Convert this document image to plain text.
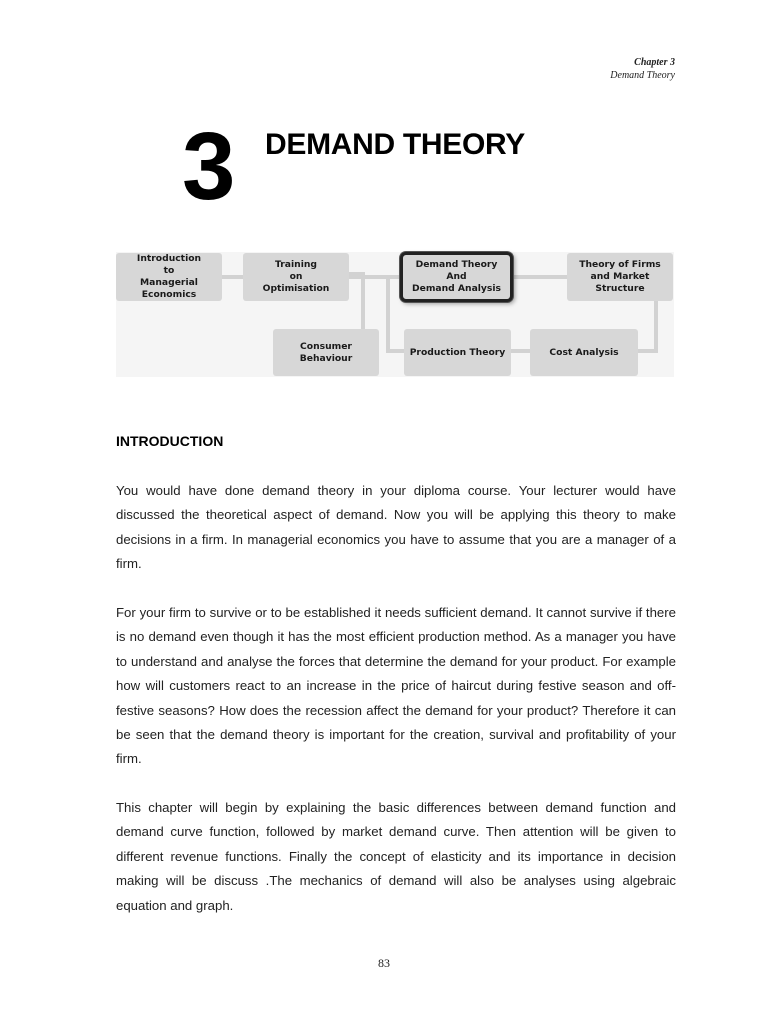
Chapter 3
Demand Theory
3 DEMAND THEORY
Introduction
to
Managerial Economics
Training
on
Optimisation
Demand Theory
And
Demand Analysis
Theory of Firms
and Market Structure
Consumer Behaviour
Production Theory	Cost Analysis
INTRODUCTION

You would have done demand theory in your diploma course. Your lecturer would have discussed the theoretical aspect of demand. Now you will be applying this theory to make decisions in a firm. In managerial economics you have to assume that you are a manager of a firm.

For your firm to survive or to be established it needs sufficient demand. It cannot survive if there is no demand even though it has the most efficient production method. As a manager you have to understand and analyse the forces that determine the demand for your product. For example how will customers react to an increase in the price of haircut during festive season and off-festive seasons? How does the recession affect the demand for your product? Therefore it can be seen that the demand theory is important for the creation, survival and profitability of your firm.

This chapter will begin by explaining the basic differences between demand function and demand curve function, followed by market demand curve. Then attention will be given to different revenue functions. Finally the concept of elasticity and its importance in decision making will be discuss .The mechanics of demand will also be analyses using algebraic equation and graph.

83
